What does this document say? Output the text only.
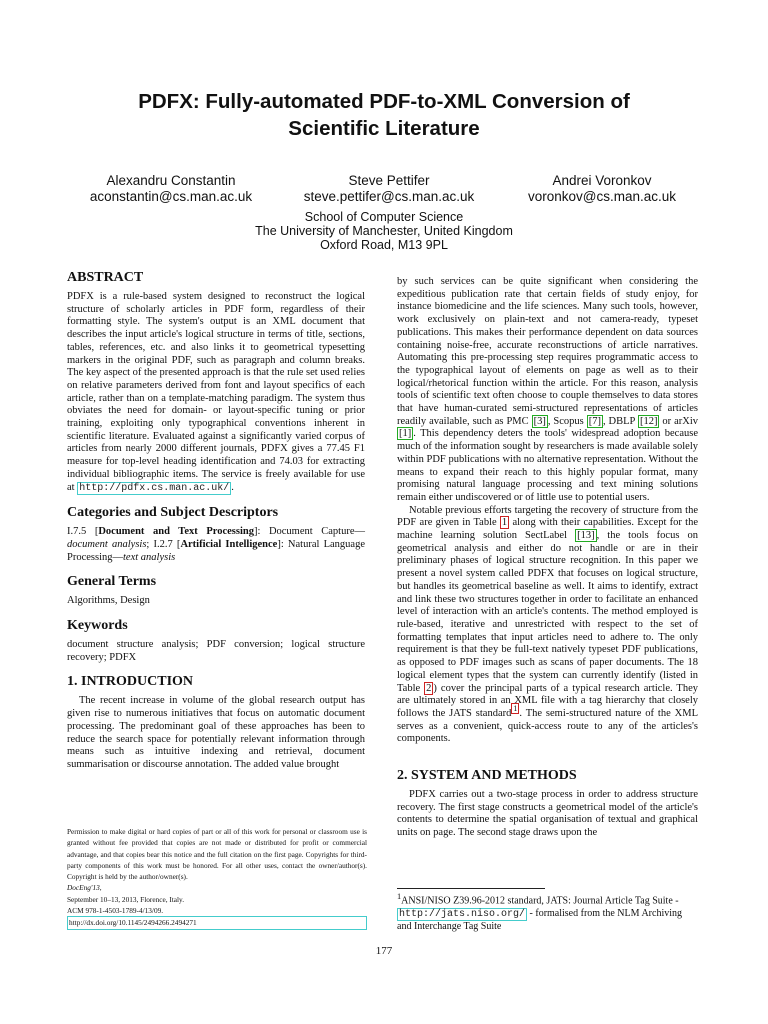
PDFX: Fully-automated PDF-to-XML Conversion of
Scientific Literature
Alexandru Constantin
aconstantin@cs.man.ac.uk
Steve Pettifer
steve.pettifer@cs.man.ac.uk
Andrei Voronkov
voronkov@cs.man.ac.uk
School of Computer Science
The University of Manchester, United Kingdom
Oxford Road, M13 9PL
ABSTRACT

PDFX is a rule-based system designed to reconstruct the logical structure of scholarly articles in PDF form, regardless of their formatting style. The system's output is an XML document that describes the input article's logical structure in terms of title, sections, tables, references, etc. and also links it to geometrical typesetting markers in the original PDF, such as paragraph and column breaks. The key aspect of the presented approach is that the rule set used relies on relative parameters derived from font and layout specifics of each article, rather than on a template-matching paradigm. The system thus obviates the need for domain- or layout-specific tuning or prior training, exploiting only typographical conventions inherent in scientific literature. Evaluated against a significantly varied corpus of articles from nearly 2000 different journals, PDFX gives a 77.45 F1 measure for top-level heading identification and 74.03 for extracting individual bibliographic items. The service is freely available for use at http://pdfx.cs.man.ac.uk/ .

Categories and Subject Descriptors

I.7.5 [Document and Text Processing]: Document Capture—document analysis; I.2.7 [Artificial Intelligence]: Natural Language Processing—text analysis

General Terms

Algorithms, Design

Keywords

document structure analysis; PDF conversion; logical structure recovery; PDFX

1. INTRODUCTION

The recent increase in volume of the global research output has given rise to numerous initiatives that focus on automatic document processing. The predominant goal of these approaches has been to reduce the search space for potentially relevant information through means such as intuitive indexing and retrieval, document summarisation or discourse annotation. The added value brought

Permission to make digital or hard copies of part or all of this work for personal or classroom use is granted without fee provided that copies are not made or distributed for profit or commercial advantage, and that copies bear this notice and the full citation on the first page. Copyrights for third-party components of this work must be honored. For all other uses, contact the owner/author(s). Copyright is held by the author/owner(s).
DocEng'13,
September 10–13, 2013, Florence, Italy.
ACM 978-1-4503-1789-4/13/09.
http://dx.doi.org/10.1145/2494266.2494271

by such services can be quite significant when considering the expeditious publication rate that certain fields of study enjoy, for instance biomedicine and the life sciences. Many such tools, however, work exclusively on plain-text and not camera-ready, typeset publications. This makes their performance dependent on data sources containing noise-free, accurate reconstructions of article narratives. Automating this pre-processing step requires programmatic access to the typographical layout of elements on page as well as to their logical/rhetorical function within the article. For this reason, analysis tools of scientific text often choose to couple themselves to data stores that have human-curated semi-structured representations of articles readily available, such as PMC [3] , Scopus [7] , DBLP [12] or arXiv [1] . This dependency deters the tools' widespread adoption because much of the information sought by researchers is made available solely within PDF publications with no alternative representation. Without the means to expand their reach to this highly popular format, many promising natural language processing and text mining solutions remain either undiscovered or of little use to potential users.

Notable previous efforts targeting the recovery of structure from the PDF are given in Table 1 along with their capabilities. Except for the machine learning solution SectLabel [13] , the tools focus on geometrical analysis and either do not handle or are in their preliminary phases of logical structure recognition. In this paper we present a novel system called PDFX that focuses on logical structure, but handles its geometrical baseline as well. It aims to identify, extract and link these two structures together in order to facilitate an enhanced level of interaction with an article's contents. The method employed is rule-based, iterative and unrestricted with respect to the set of formatting templates that input articles need to adhere to. The only requirement is that they be full-text natively typeset PDF publications, as opposed to PDF images such as scans of paper documents. The 18 logical element types that the system can currently identify (listed in Table 2 ) cover the principal parts of a typical research article. They are ultimately stored in an XML file with a tag hierarchy that closely follows the JATS standard $^1$ . The semi-structured nature of the XML serves as a convenient, quick-access route to any of the articles's components.

2. SYSTEM AND METHODS

PDFX carries out a two-stage process in order to address structure recovery. The first stage constructs a geometrical model of the article's contents to determine the spatial organisation of textual and graphical units on page. The second stage draws upon the

$^1$ANSI/NISO Z39.96-2012 standard, JATS: Journal Article Tag Suite - http://jats.niso.org/ - formalised from the NLM Archiving and Interchange Tag Suite
177
